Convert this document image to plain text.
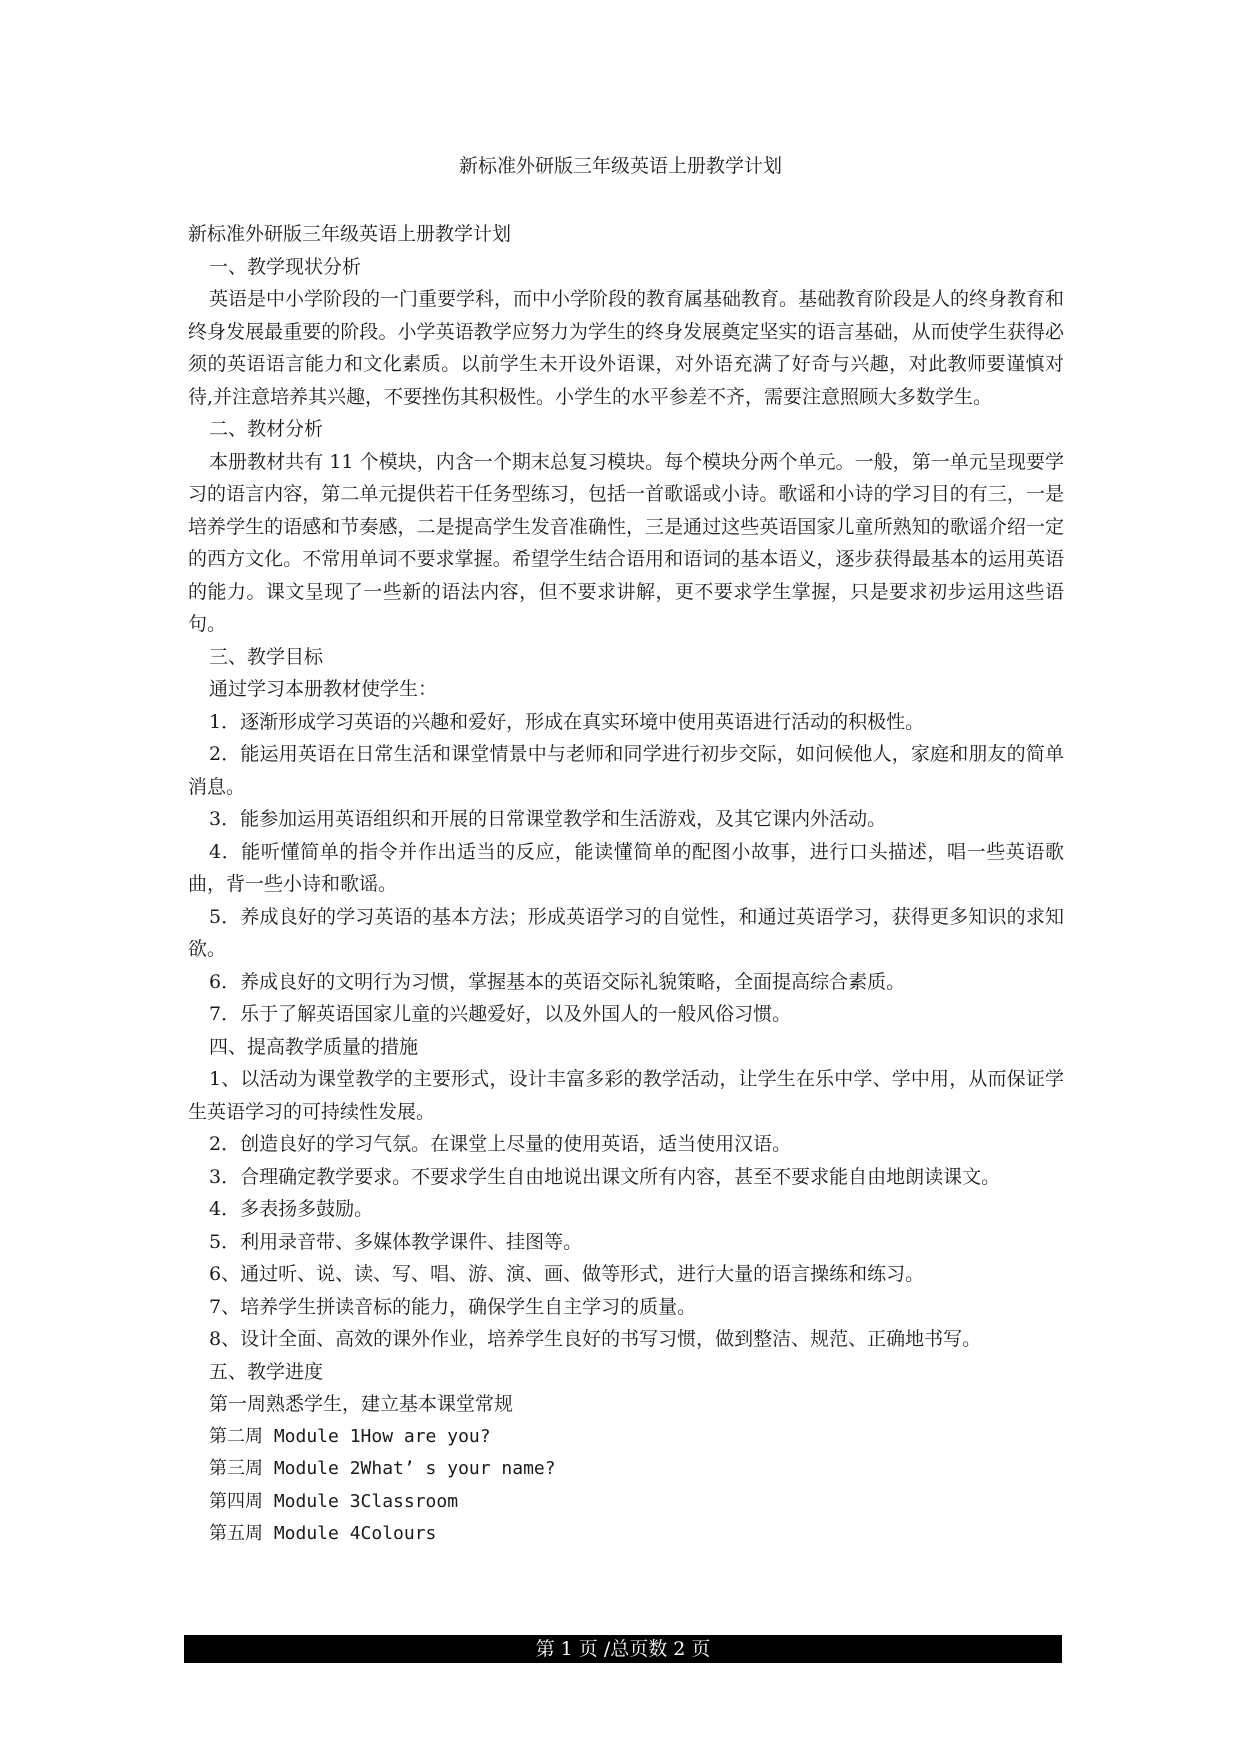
新标准外研版三年级英语上册教学计划

新标准外研版三年级英语上册教学计划

一、教学现状分析

英语是中小学阶段的一门重要学科，而中小学阶段的教育属基础教育。基础教育阶段是人的终身教育和终身发展最重要的阶段。小学英语教学应努力为学生的终身发展奠定坚实的语言基础，从而使学生获得必须的英语语言能力和文化素质。以前学生未开设外语课，对外语充满了好奇与兴趣，对此教师要谨慎对待,并注意培养其兴趣，不要挫伤其积极性。小学生的水平参差不齐，需要注意照顾大多数学生。

二、教材分析

本册教材共有 11 个模块，内含一个期末总复习模块。每个模块分两个单元。一般，第一单元呈现要学习的语言内容，第二单元提供若干任务型练习，包括一首歌谣或小诗。歌谣和小诗的学习目的有三，一是培养学生的语感和节奏感，二是提高学生发音准确性，三是通过这些英语国家儿童所熟知的歌谣介绍一定的西方文化。不常用单词不要求掌握。希望学生结合语用和语词的基本语义，逐步获得最基本的运用英语的能力。课文呈现了一些新的语法内容，但不要求讲解，更不要求学生掌握，只是要求初步运用这些语句。

三、教学目标

通过学习本册教材使学生：

1．逐渐形成学习英语的兴趣和爱好，形成在真实环境中使用英语进行活动的积极性。

2．能运用英语在日常生活和课堂情景中与老师和同学进行初步交际，如问候他人，家庭和朋友的简单消息。

3．能参加运用英语组织和开展的日常课堂教学和生活游戏，及其它课内外活动。

4．能听懂简单的指令并作出适当的反应，能读懂简单的配图小故事，进行口头描述，唱一些英语歌曲，背一些小诗和歌谣。

5．养成良好的学习英语的基本方法；形成英语学习的自觉性，和通过英语学习，获得更多知识的求知欲。

6．养成良好的文明行为习惯，掌握基本的英语交际礼貌策略，全面提高综合素质。

7．乐于了解英语国家儿童的兴趣爱好，以及外国人的一般风俗习惯。

四、提高教学质量的措施

1、以活动为课堂教学的主要形式，设计丰富多彩的教学活动，让学生在乐中学、学中用，从而保证学生英语学习的可持续性发展。

2．创造良好的学习气氛。在课堂上尽量的使用英语，适当使用汉语。

3．合理确定教学要求。不要求学生自由地说出课文所有内容，甚至不要求能自由地朗读课文。

4．多表扬多鼓励。

5．利用录音带、多媒体教学课件、挂图等。

6、通过听、说、读、写、唱、游、演、画、做等形式，进行大量的语言操练和练习。

7、培养学生拼读音标的能力，确保学生自主学习的质量。

8、设计全面、高效的课外作业，培养学生良好的书写习惯，做到整洁、规范、正确地书写。

五、教学进度

第一周熟悉学生，建立基本课堂常规

第二周 Module 1How are you?

第三周 Module 2What’ s your name?

第四周 Module 3Classroom

第五周 Module 4Colours

第 1 页 /总页数 2 页
